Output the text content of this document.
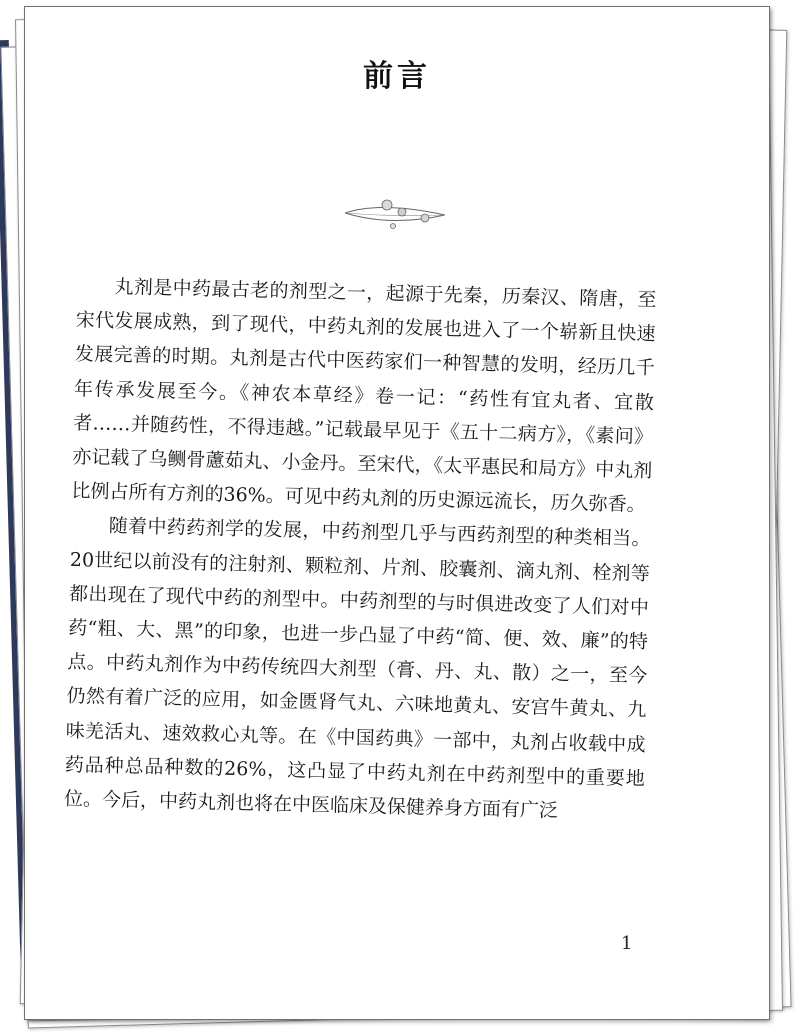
前言

丸剂是中药最古老的剂型之一，起源于先秦，历秦汉、隋唐，至宋代发展成熟，到了现代，中药丸剂的发展也进入了一个崭新且快速发展完善的时期。丸剂是古代中医药家们一种智慧的发明，经历几千年传承发展至今。《神农本草经》卷一记：“药性有宜丸者、宜散者……并随药性，不得违越。”记载最早见于《五十二病方》，《素问》亦记载了乌鲗骨藘茹丸、小金丹。至宋代，《太平惠民和局方》中丸剂比例占所有方剂的36%。可见中药丸剂的历史源远流长，历久弥香。

随着中药药剂学的发展，中药剂型几乎与西药剂型的种类相当。20世纪以前没有的注射剂、颗粒剂、片剂、胶囊剂、滴丸剂、栓剂等都出现在了现代中药的剂型中。中药剂型的与时俱进改变了人们对中药“粗、大、黑”的印象，也进一步凸显了中药“简、便、效、廉”的特点。中药丸剂作为中药传统四大剂型（膏、丹、丸、散）之一，至今仍然有着广泛的应用，如金匮肾气丸、六味地黄丸、安宫牛黄丸、九味羌活丸、速效救心丸等。在《中国药典》一部中，丸剂占收载中成药品种总品种数的26%，这凸显了中药丸剂在中药剂型中的重要地位。今后，中药丸剂也将在中医临床及保健养身方面有广泛

1
